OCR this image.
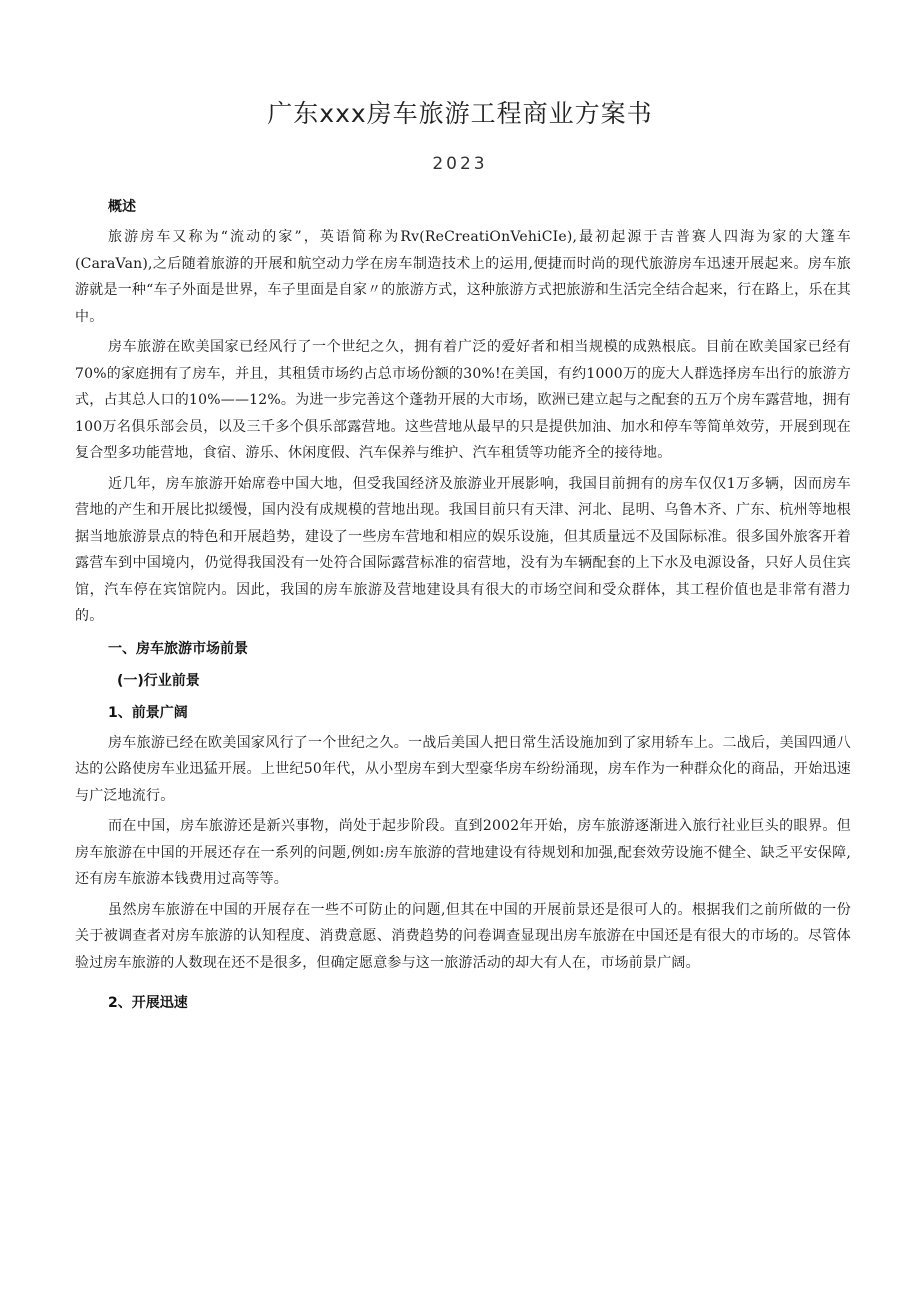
广东xxx房车旅游工程商业方案书
2023

概述

旅游房车又称为“流动的家”，英语简称为Rv(ReCreatiOnVehiCIe),最初起源于吉普赛人四海为家的大篷车(CaraVan),之后随着旅游的开展和航空动力学在房车制造技术上的运用,便捷而时尚的现代旅游房车迅速开展起来。房车旅游就是一种“车子外面是世界，车子里面是自家〃的旅游方式，这种旅游方式把旅游和生活完全结合起来，行在路上，乐在其中。

房车旅游在欧美国家已经风行了一个世纪之久，拥有着广泛的爱好者和相当规模的成熟根底。目前在欧美国家已经有70%的家庭拥有了房车，并且，其租赁市场约占总市场份额的30%!在美国，有约1000万的庞大人群选择房车出行的旅游方式，占其总人口的10%——12%。为进一步完善这个蓬勃开展的大市场，欧洲已建立起与之配套的五万个房车露营地，拥有100万名俱乐部会员，以及三千多个俱乐部露营地。这些营地从最早的只是提供加油、加水和停车等简单效劳，开展到现在复合型多功能营地，食宿、游乐、休闲度假、汽车保养与维护、汽车租赁等功能齐全的接待地。

近几年，房车旅游开始席卷中国大地，但受我国经济及旅游业开展影响，我国目前拥有的房车仅仅1万多辆，因而房车营地的产生和开展比拟缓慢，国内没有成规模的营地出现。我国目前只有天津、河北、昆明、乌鲁木齐、广东、杭州等地根据当地旅游景点的特色和开展趋势，建设了一些房车营地和相应的娱乐设施，但其质量远不及国际标准。很多国外旅客开着露营车到中国境内，仍觉得我国没有一处符合国际露营标准的宿营地，没有为车辆配套的上下水及电源设备，只好人员住宾馆，汽车停在宾馆院内。因此，我国的房车旅游及营地建设具有很大的市场空间和受众群体，其工程价值也是非常有潜力的。

一、房车旅游市场前景

(一)行业前景

1、前景广阔

房车旅游已经在欧美国家风行了一个世纪之久。一战后美国人把日常生活设施加到了家用轿车上。二战后，美国四通八达的公路使房车业迅猛开展。上世纪50年代，从小型房车到大型豪华房车纷纷涌现，房车作为一种群众化的商品，开始迅速与广泛地流行。

而在中国，房车旅游还是新兴事物，尚处于起步阶段。直到2002年开始，房车旅游逐渐进入旅行社业巨头的眼界。但房车旅游在中国的开展还存在一系列的问题,例如:房车旅游的营地建设有待规划和加强,配套效劳设施不健全、缺乏平安保障,还有房车旅游本钱费用过高等等。

虽然房车旅游在中国的开展存在一些不可防止的问题,但其在中国的开展前景还是很可人的。根据我们之前所做的一份关于被调查者对房车旅游的认知程度、消费意愿、消费趋势的问卷调查显现出房车旅游在中国还是有很大的市场的。尽管体验过房车旅游的人数现在还不是很多，但确定愿意参与这一旅游活动的却大有人在，市场前景广阔。

2、开展迅速
